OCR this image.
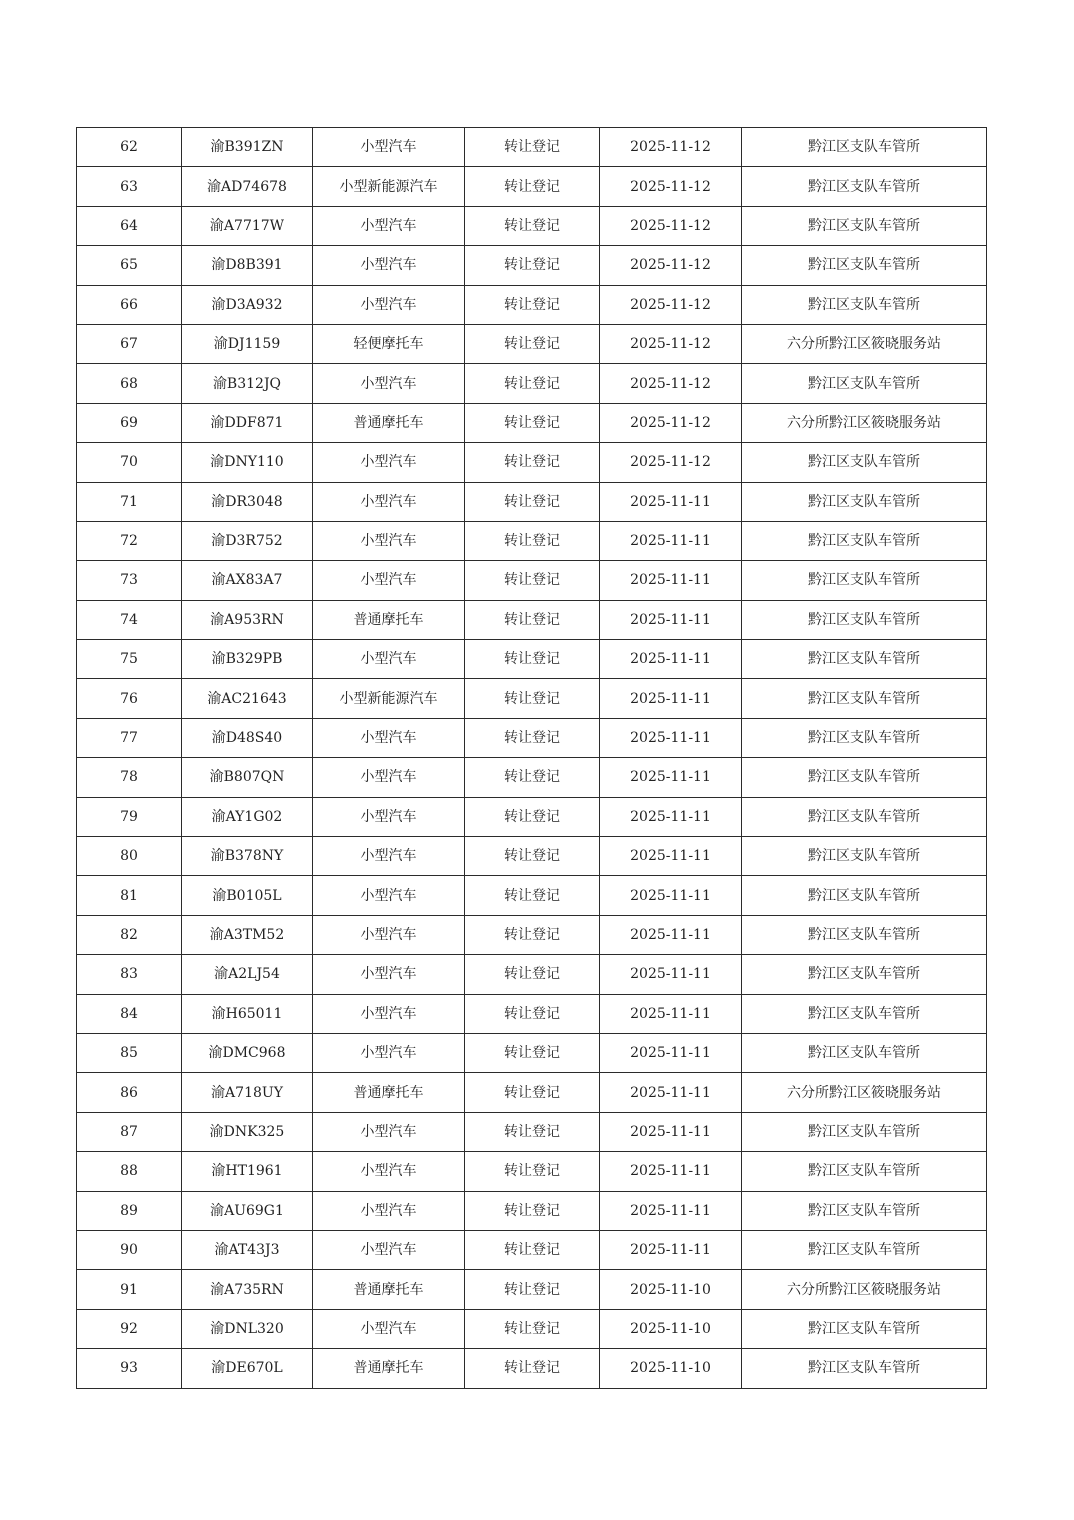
62	渝B391ZN	小型汽车	转让登记	2025-11-12	黔江区支队车管所
63	渝AD74678	小型新能源汽车	转让登记	2025-11-12	黔江区支队车管所
64	渝A7717W	小型汽车	转让登记	2025-11-12	黔江区支队车管所
65	渝D8B391	小型汽车	转让登记	2025-11-12	黔江区支队车管所
66	渝D3A932	小型汽车	转让登记	2025-11-12	黔江区支队车管所
67	渝DJ1159	轻便摩托车	转让登记	2025-11-12	六分所黔江区筱晓服务站
68	渝B312JQ	小型汽车	转让登记	2025-11-12	黔江区支队车管所
69	渝DDF871	普通摩托车	转让登记	2025-11-12	六分所黔江区筱晓服务站
70	渝DNY110	小型汽车	转让登记	2025-11-12	黔江区支队车管所
71	渝DR3048	小型汽车	转让登记	2025-11-11	黔江区支队车管所
72	渝D3R752	小型汽车	转让登记	2025-11-11	黔江区支队车管所
73	渝AX83A7	小型汽车	转让登记	2025-11-11	黔江区支队车管所
74	渝A953RN	普通摩托车	转让登记	2025-11-11	黔江区支队车管所
75	渝B329PB	小型汽车	转让登记	2025-11-11	黔江区支队车管所
76	渝AC21643	小型新能源汽车	转让登记	2025-11-11	黔江区支队车管所
77	渝D48S40	小型汽车	转让登记	2025-11-11	黔江区支队车管所
78	渝B807QN	小型汽车	转让登记	2025-11-11	黔江区支队车管所
79	渝AY1G02	小型汽车	转让登记	2025-11-11	黔江区支队车管所
80	渝B378NY	小型汽车	转让登记	2025-11-11	黔江区支队车管所
81	渝B0105L	小型汽车	转让登记	2025-11-11	黔江区支队车管所
82	渝A3TM52	小型汽车	转让登记	2025-11-11	黔江区支队车管所
83	渝A2LJ54	小型汽车	转让登记	2025-11-11	黔江区支队车管所
84	渝H65011	小型汽车	转让登记	2025-11-11	黔江区支队车管所
85	渝DMC968	小型汽车	转让登记	2025-11-11	黔江区支队车管所
86	渝A718UY	普通摩托车	转让登记	2025-11-11	六分所黔江区筱晓服务站
87	渝DNK325	小型汽车	转让登记	2025-11-11	黔江区支队车管所
88	渝HT1961	小型汽车	转让登记	2025-11-11	黔江区支队车管所
89	渝AU69G1	小型汽车	转让登记	2025-11-11	黔江区支队车管所
90	渝AT43J3	小型汽车	转让登记	2025-11-11	黔江区支队车管所
91	渝A735RN	普通摩托车	转让登记	2025-11-10	六分所黔江区筱晓服务站
92	渝DNL320	小型汽车	转让登记	2025-11-10	黔江区支队车管所
93	渝DE670L	普通摩托车	转让登记	2025-11-10	黔江区支队车管所
